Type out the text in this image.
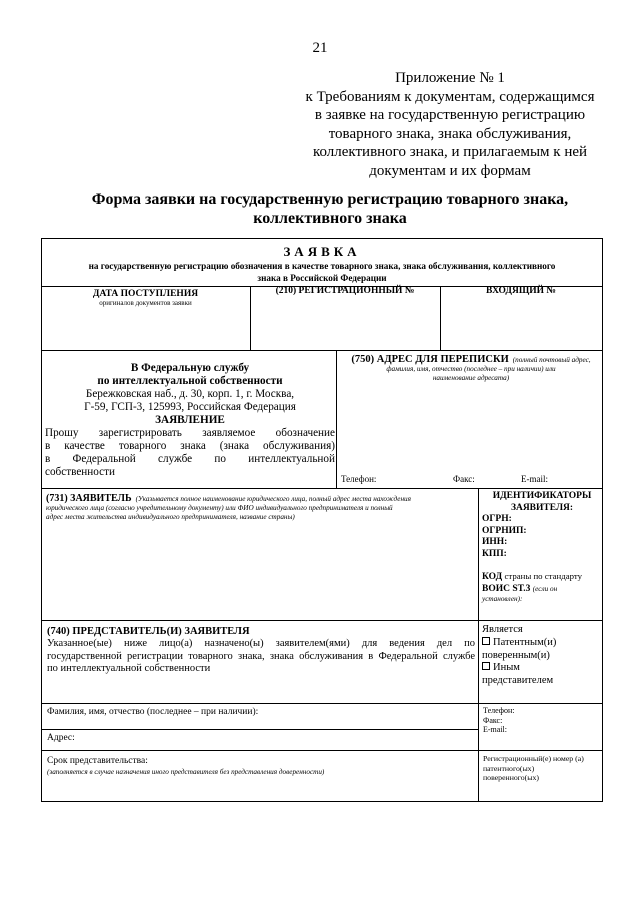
21
Приложение № 1
к Требованиям к документам, содержащимся
в заявке на государственную регистрацию
товарного знака, знака обслуживания,
коллективного знака, и прилагаемым к ней
документам и их формам
Форма заявки на государственную регистрацию товарного знака,
коллективного знака
ЗАЯВКА
на государственную регистрацию обозначения в качестве товарного знака, знака обслуживания, коллективного
знака в Российской Федерации
ДАТА ПОСТУПЛЕНИЯ
оригиналов документов заявки
(210) РЕГИСТРАЦИОННЫЙ №	ВХОДЯЩИЙ №
В Федеральную службу
по интеллектуальной собственности
Бережковская наб., д. 30, корп. 1, г. Москва,
Г-59, ГСП-3, 125993, Российская Федерация
ЗАЯВЛЕНИЕ
Прошу зарегистрировать заявляемое обозначение
в качестве товарного знака (знака обслуживания)
в Федеральной службе по интеллектуальной
собственности
(750) АДРЕС ДЛЯ ПЕРЕПИСКИ (полный почтовый адрес,
фамилия, имя, отчество (последнее – при наличии) или
наименование адресата)
Телефон:	Факс:	E-mail:
(731) ЗАЯВИТЕЛЬ (Указывается полное наименование юридического лица, полный адрес места нахождения
юридического лица (согласно учредительному документу) или ФИО индивидуального предпринимателя и полный
адрес места жительства индивидуального предпринимателя, название страны)
ИДЕНТИФИКАТОРЫ
ЗАЯВИТЕЛЯ:
ОГРН:
ОГРНИП:
ИНН:
КПП:
КОД страны по стандарту
ВОИС ST.3 (если он
установлен):
(740) ПРЕДСТАВИТЕЛЬ(И) ЗАЯВИТЕЛЯ
Указанное(ые) ниже лицо(а) назначено(ы) заявителем(ями) для ведения дел по
государственной регистрации товарного знака, знака обслуживания в Федеральной службе
по интеллектуальной собственности
Является
Патентным(и)
поверенным(и)
Иным
представителем
Фамилия, имя, отчество (последнее – при наличии):	Телефон:
Факс:
E-mail:
Адрес:
Срок представительства:
(заполняется в случае назначения иного представителя без представления доверенности)
Регистрационный(е) номер (а)
патентного(ых)
поверенного(ых)
